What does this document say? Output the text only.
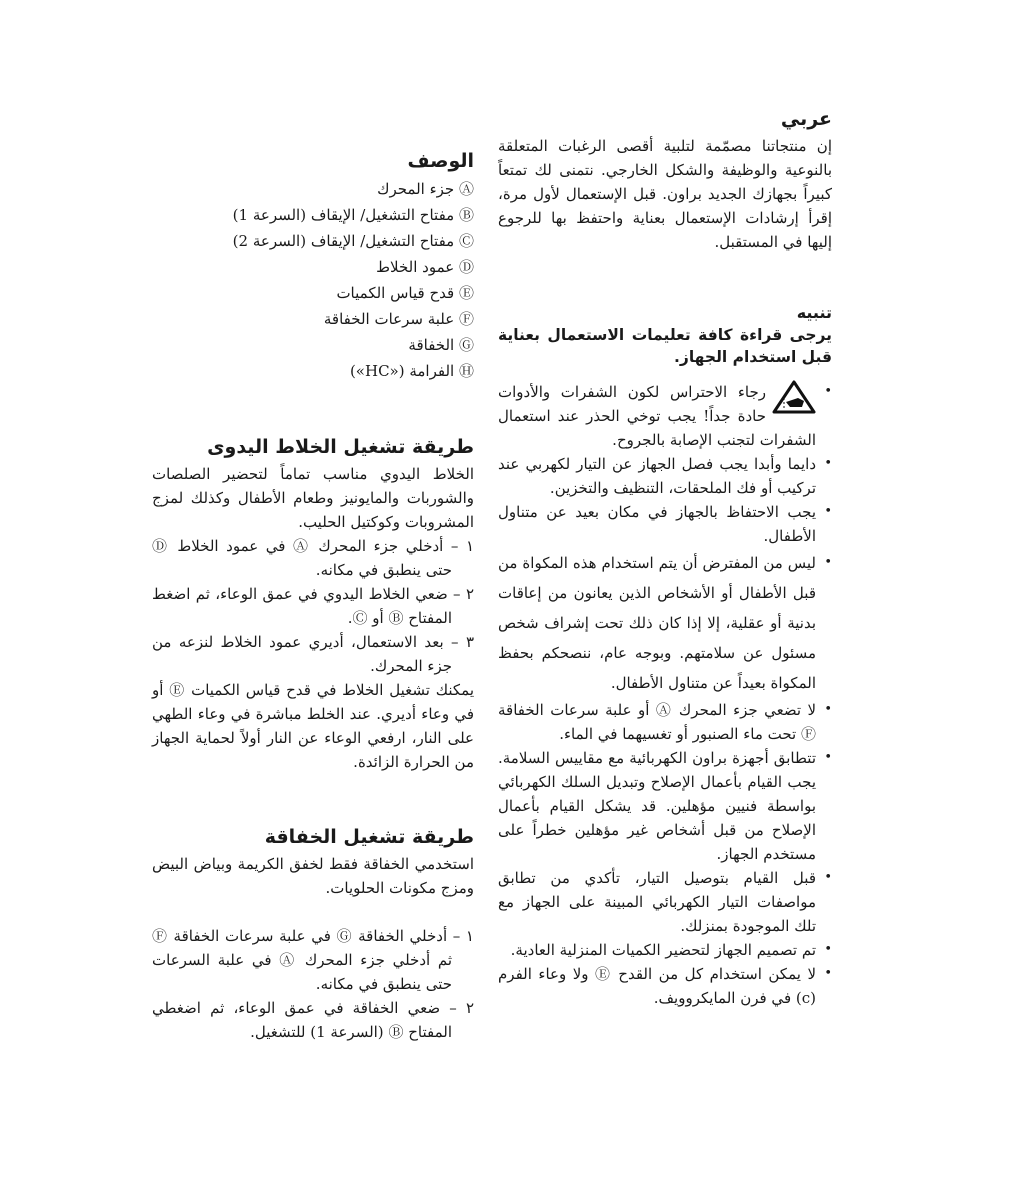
عربي

إن منتجاتنا مصمّمة لتلبية أقصى الرغبات المتعلقة بالنوعية والوظيفة والشكل الخارجي. نتمنى لك تمتعاً كبيراً بجهازك الجديد براون. قبل الإستعمال لأول مرة، إقرأ إرشادات الإستعمال بعناية واحتفظ بها للرجوع إليها في المستقبل.

تنبيه

يرجى قراءة كافة تعليمات الاستعمال بعناية قبل استخدام الجهاز.

• رجاء الاحتراس لكون الشفرات والأدوات حادة جداً! يجب توخي الحذر عند استعمال الشفرات لتجنب الإصابة بالجروح.
• دايما وأبدا يجب فصل الجهاز عن التيار لكهربي عند تركيب أو فك الملحقات، التنظيف والتخزين.
• يجب الاحتفاظ بالجهاز في مكان بعيد عن متناول الأطفال.
• ليس من المفترض أن يتم استخدام هذه المكواة من قبل الأطفال أو الأشخاص الذين يعانون من إعاقات بدنية أو عقلية، إلا إذا كان ذلك تحت إشراف شخص مسئول عن سلامتهم. وبوجه عام، ننصحكم بحفظ المكواة بعيداً عن متناول الأطفال.
• لا تضعي جزء المحرك Ⓐ أو علبة سرعات الخفاقة Ⓕ تحت ماء الصنبور أو تغسيهما في الماء.
• تتطابق أجهزة براون الكهربائية مع مقاييس السلامة. يجب القيام بأعمال الإصلاح وتبديل السلك الكهربائي بواسطة فنيين مؤهلين. قد يشكل القيام بأعمال الإصلاح من قبل أشخاص غير مؤهلين خطراً على مستخدم الجهاز.
• قبل القيام بتوصيل التيار، تأكدي من تطابق مواصفات التيار الكهربائي المبينة على الجهاز مع تلك الموجودة بمنزلك.
• تم تصميم الجهاز لتحضير الكميات المنزلية العادية.
• لا يمكن استخدام كل من القدح Ⓔ ولا وعاء الفرم (c) في فرن المايكروويف.
الوصف
Ⓐ جزء المحرك
Ⓑ مفتاح التشغيل/ الإيقاف (السرعة 1)
Ⓒ مفتاح التشغيل/ الإيقاف (السرعة 2)
Ⓓ عمود الخلاط
Ⓔ قدح قياس الكميات
Ⓕ علبة سرعات الخفاقة
Ⓖ الخفاقة
Ⓗ الفرامة («HC»)
طريقة تشغيل الخلاط اليدوى

الخلاط اليدوي مناسب تماماً لتحضير الصلصات والشوربات والمايونيز وطعام الأطفال وكذلك لمزج المشروبات وكوكتيل الحليب.

١ – أدخلي جزء المحرك Ⓐ في عمود الخلاط Ⓓ حتى ينطبق في مكانه.
٢ – ضعي الخلاط اليدوي في عمق الوعاء، ثم اضغط المفتاح Ⓑ أو Ⓒ.
٣ – بعد الاستعمال، أديري عمود الخلاط لنزعه من جزء المحرك.

يمكنك تشغيل الخلاط في قدح قياس الكميات Ⓔ أو في وعاء أديري. عند الخلط مباشرة في وعاء الطهي على النار، ارفعي الوعاء عن النار أولاً لحماية الجهاز من الحرارة الزائدة.

طريقة تشغيل الخفاقة

استخدمي الخفاقة فقط لخفق الكريمة وبياض البيض ومزج مكونات الحلويات.

١ – أدخلي الخفاقة Ⓖ في علبة سرعات الخفاقة Ⓕ ثم أدخلي جزء المحرك Ⓐ في علبة السرعات حتى ينطبق في مكانه.
٢ – ضعي الخفاقة في عمق الوعاء، ثم اضغطي المفتاح Ⓑ (السرعة 1) للتشغيل.
